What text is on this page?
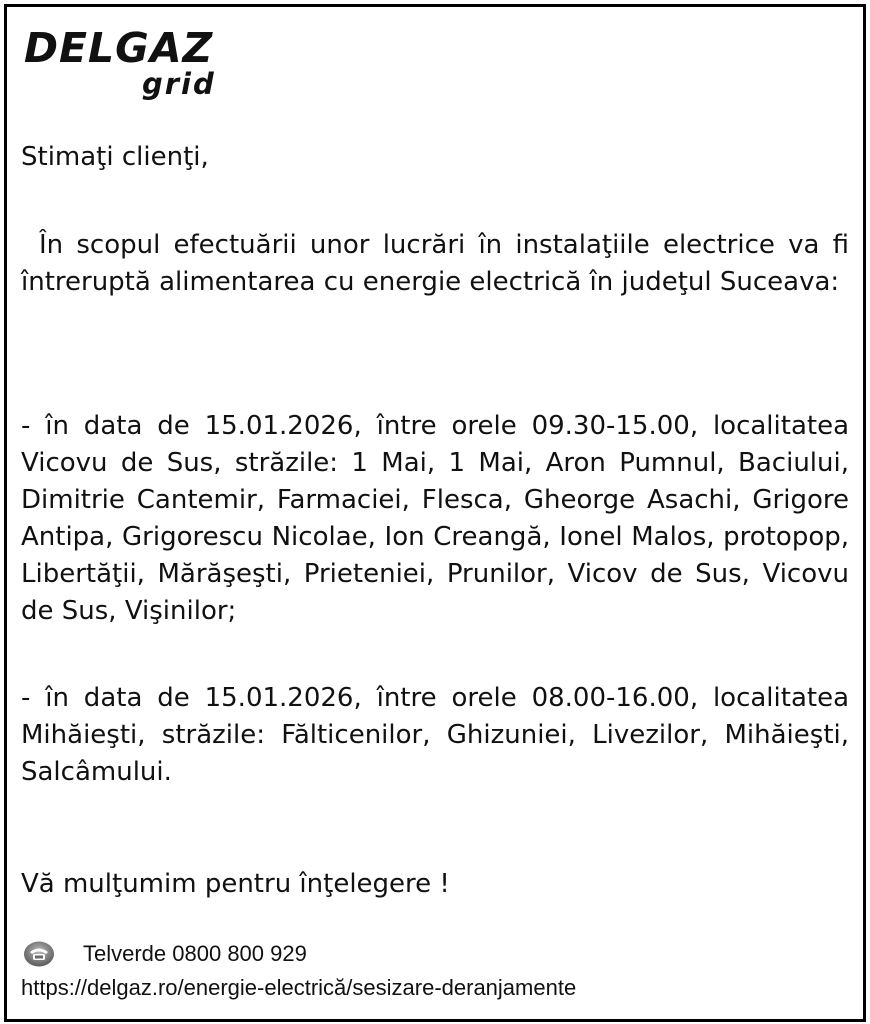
DELGAZ
grid

Stimaţi clienţi,

În scopul efectuării unor lucrări în instalaţiile electrice va fi întreruptă alimentarea cu energie electrică în judeţul Suceava:

- în data de 15.01.2026, între orele 09.30-15.00, localitatea Vicovu de Sus, străzile: 1 Mai, 1 Mai, Aron Pumnul, Baciului, Dimitrie Cantemir, Farmaciei, Flesca, Gheorge Asachi, Grigore Antipa, Grigorescu Nicolae, Ion Creangă, Ionel Malos, protopop, Libertăţii, Mărăşeşti, Prieteniei, Prunilor, Vicov de Sus, Vicovu de Sus, Vişinilor;

- în data de 15.01.2026, între orele 08.00-16.00, localitatea Mihăieşti, străzile: Fălticenilor, Ghizuniei, Livezilor, Mihăieşti, Salcâmului.

Vă mulţumim pentru înţelegere !

Telverde 0800 800 929
https://delgaz.ro/energie-electrică/sesizare-deranjamente
